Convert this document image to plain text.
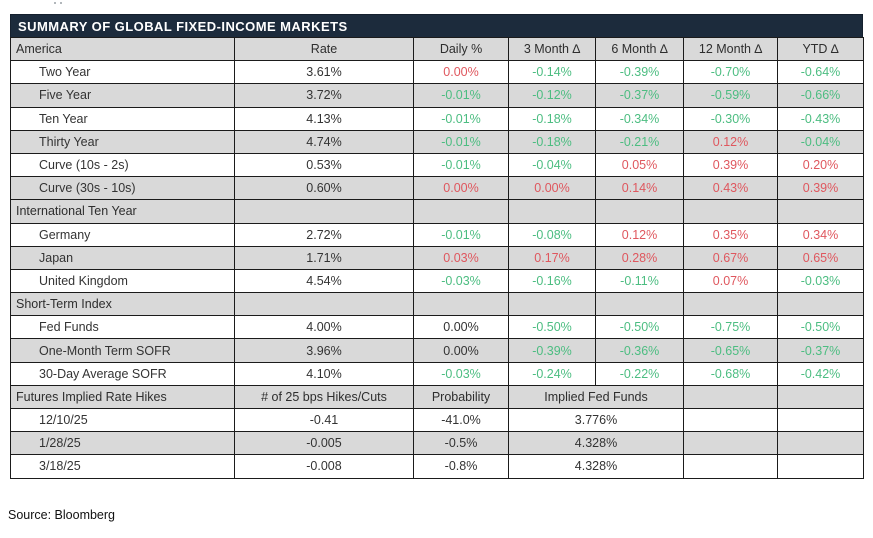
SUMMARY OF GLOBAL FIXED-INCOME MARKETS
America	Rate	Daily %	3 Month ∆	6 Month ∆	12 Month ∆	YTD ∆
Two Year	3.61%	0.00%	-0.14%	-0.39%	-0.70%	-0.64%
Five Year	3.72%	-0.01%	-0.12%	-0.37%	-0.59%	-0.66%
Ten Year	4.13%	-0.01%	-0.18%	-0.34%	-0.30%	-0.43%
Thirty Year	4.74%	-0.01%	-0.18%	-0.21%	0.12%	-0.04%
Curve (10s - 2s)	0.53%	-0.01%	-0.04%	0.05%	0.39%	0.20%
Curve (30s - 10s)	0.60%	0.00%	0.00%	0.14%	0.43%	0.39%
International Ten Year						
Germany	2.72%	-0.01%	-0.08%	0.12%	0.35%	0.34%
Japan	1.71%	0.03%	0.17%	0.28%	0.67%	0.65%
United Kingdom	4.54%	-0.03%	-0.16%	-0.11%	0.07%	-0.03%
Short-Term Index						
Fed Funds	4.00%	0.00%	-0.50%	-0.50%	-0.75%	-0.50%
One-Month Term SOFR	3.96%	0.00%	-0.39%	-0.36%	-0.65%	-0.37%
30-Day Average SOFR	4.10%	-0.03%	-0.24%	-0.22%	-0.68%	-0.42%
Futures Implied Rate Hikes	# of 25 bps Hikes/Cuts	Probability	Implied Fed Funds			
12/10/25	-0.41	-41.0%	3.776%			
1/28/25	-0.005	-0.5%	4.328%			
3/18/25	-0.008	-0.8%	4.328%			
Source: Bloomberg
